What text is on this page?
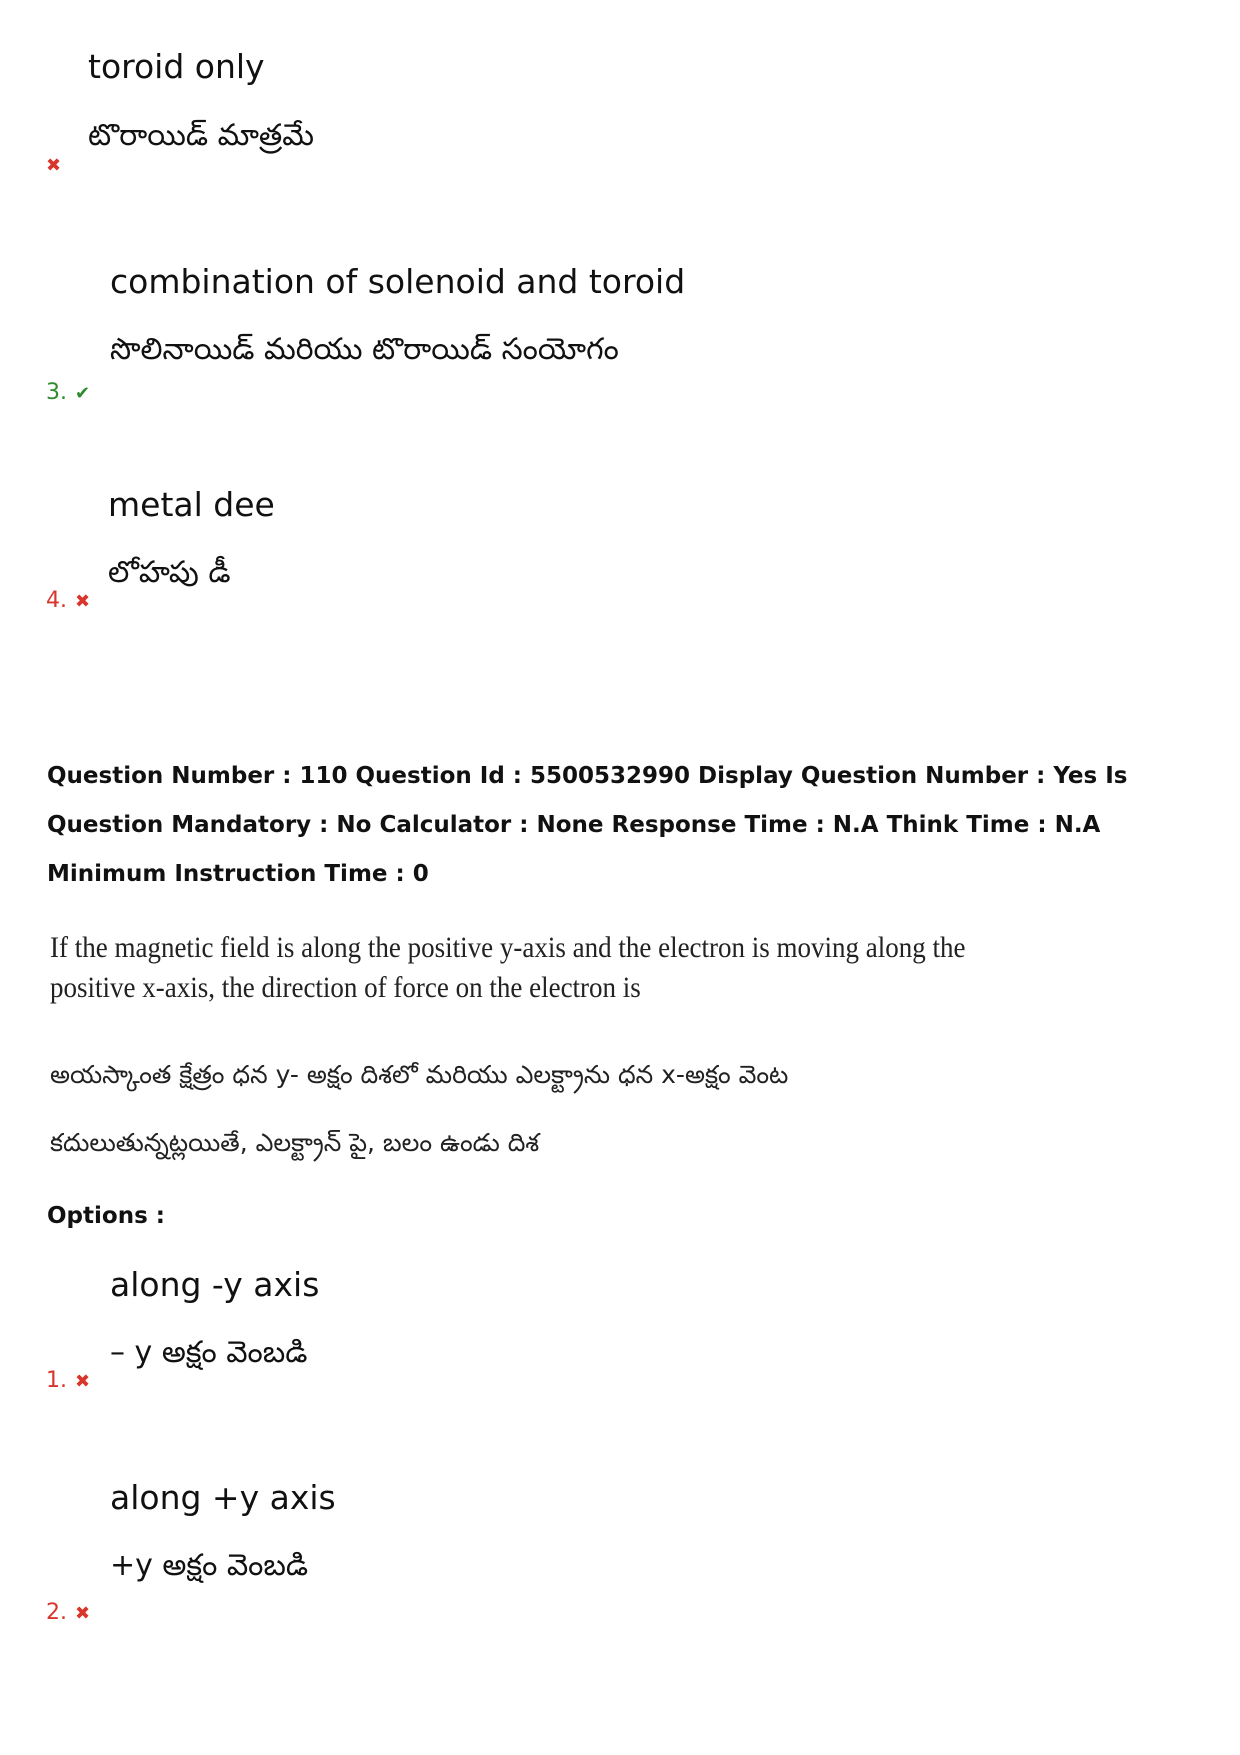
toroid only
టొరాయిడ్ మాత్రమే
✖
combination of solenoid and toroid
సొలినాయిడ్ మరియు టొరాయిడ్ సంయోగం
3. ✔
metal dee
లోహపు డీ
4. ✖
Question Number : 110 Question Id : 5500532990 Display Question Number : Yes Is Question Mandatory : No Calculator : None Response Time : N.A Think Time : N.A Minimum Instruction Time : 0
If the magnetic field is along the positive y-axis and the electron is moving along the
positive x-axis, the direction of force on the electron is
అయస్కాంత క్షేత్రం ధన y- అక్షం దిశలో మరియు ఎలక్ట్రాను ధన x-అక్షం వెంట
కదులుతున్నట్లయితే, ఎలక్ట్రాన్ పై, బలం ఉండు దిశ
Options :
along -y axis
– y అక్షం వెంబడి
1. ✖
along +y axis
+y అక్షం వెంబడి
2. ✖
